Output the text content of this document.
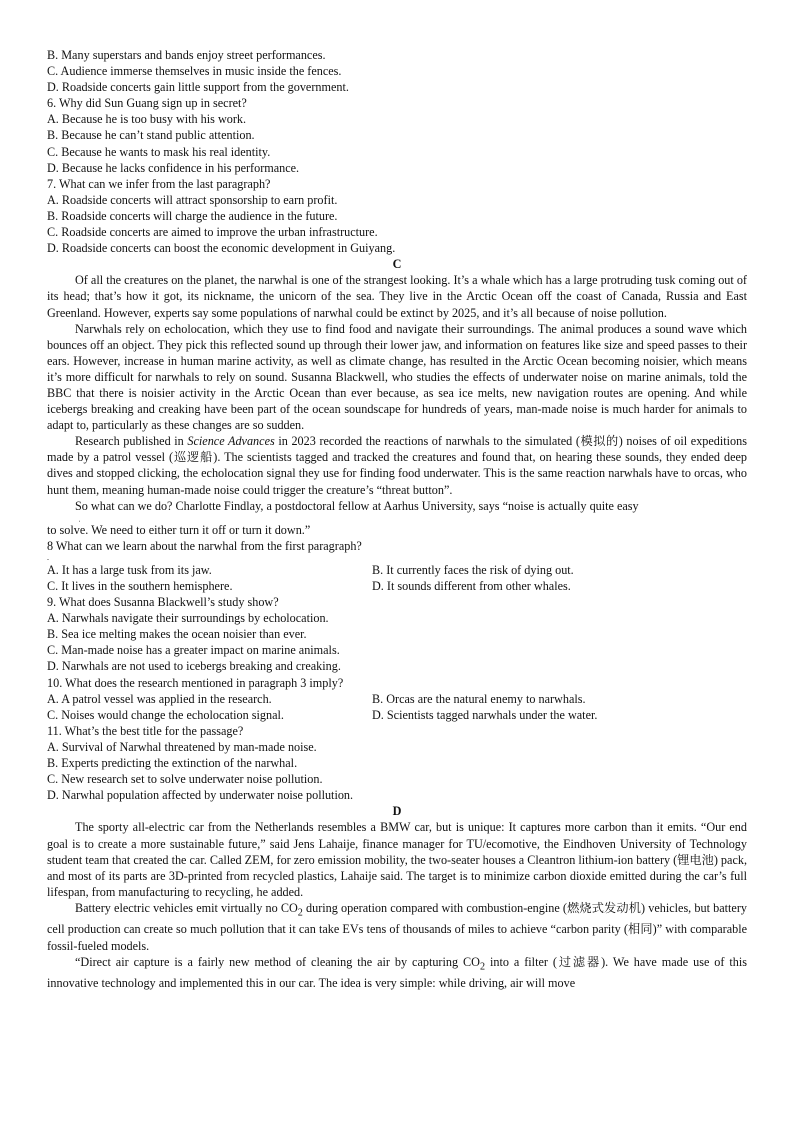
B. Many superstars and bands enjoy street performances.
C. Audience immerse themselves in music inside the fences.
D. Roadside concerts gain little support from the government.
6. Why did Sun Guang sign up in secret?
A. Because he is too busy with his work.
B. Because he can’t stand public attention.
C. Because he wants to mask his real identity.
D. Because he lacks confidence in his performance.
7. What can we infer from the last paragraph?
A. Roadside concerts will attract sponsorship to earn profit.
B. Roadside concerts will charge the audience in the future.
C. Roadside concerts are aimed to improve the urban infrastructure.
D. Roadside concerts can boost the economic development in Guiyang.
C

Of all the creatures on the planet, the narwhal is one of the strangest looking. It’s a whale which has a large protruding tusk coming out of its head; that’s how it got, its nickname, the unicorn of the sea. They live in the Arctic Ocean off the coast of Canada, Russia and East Greenland. However, experts say some populations of narwhal could be extinct by 2025, and it’s all because of noise pollution.

Narwhals rely on echolocation, which they use to find food and navigate their surroundings. The animal produces a sound wave which bounces off an object. They pick this reflected sound up through their lower jaw, and information on features like size and speed passes to their ears. However, increase in human marine activity, as well as climate change, has resulted in the Arctic Ocean becoming noisier, which means it’s more difficult for narwhals to rely on sound. Susanna Blackwell, who studies the effects of underwater noise on marine animals, told the BBC that there is noisier activity in the Arctic Ocean than ever because, as sea ice melts, new navigation routes are opening. And while icebergs breaking and creaking have been part of the ocean soundscape for hundreds of years, man-made noise is much harder for animals to adapt to, particularly as these changes are so sudden.

Research published in Science Advances in 2023 recorded the reactions of narwhals to the simulated (模拟的) noises of oil expeditions made by a patrol vessel (巡逻船). The scientists tagged and tracked the creatures and found that, on hearing these sounds, they ended deep dives and stopped clicking, the echolocation signal they use for finding food underwater. This is the same reaction narwhals have to orcas, who hunt them, meaning human-made noise could trigger the creature’s “threat button”.

So what can we do? Charlotte Findlay, a postdoctoral fellow at Aarhus University, says “noise is actually quite easy

ˌ
to solve. We need to either turn it off or turn it down.”
8 What can we learn about the narwhal from the first paragraph?
.
A. It has a large tusk from its jaw.	B. It currently faces the risk of dying out.
C. It lives in the southern hemisphere.	D. It sounds different from other whales.
9. What does Susanna Blackwell’s study show?
A. Narwhals navigate their surroundings by echolocation.
B. Sea ice melting makes the ocean noisier than ever.
C. Man-made noise has a greater impact on marine animals.
D. Narwhals are not used to icebergs breaking and creaking.
10. What does the research mentioned in paragraph 3 imply?
A. A patrol vessel was applied in the research.	B. Orcas are the natural enemy to narwhals.
C. Noises would change the echolocation signal.	D. Scientists tagged narwhals under the water.
11. What’s the best title for the passage?
A. Survival of Narwhal threatened by man-made noise.
B. Experts predicting the extinction of the narwhal.
C. New research set to solve underwater noise pollution.
D. Narwhal population affected by underwater noise pollution.
D

The sporty all-electric car from the Netherlands resembles a BMW car, but is unique: It captures more carbon than it emits. “Our end goal is to create a more sustainable future,” said Jens Lahaije, finance manager for TU/ecomotive, the Eindhoven University of Technology student team that created the car. Called ZEM, for zero emission mobility, the two-seater houses a Cleantron lithium-ion battery (锂电池) pack, and most of its parts are 3D-printed from recycled plastics, Lahaije said. The target is to minimize carbon dioxide emitted during the car’s full lifespan, from manufacturing to recycling, he added.

Battery electric vehicles emit virtually no $CO_2$ during operation compared with combustion-engine (燃烧式发动机) vehicles, but battery cell production can create so much pollution that it can take EVs tens of thousands of miles to achieve “carbon parity (相同)” with comparable fossil-fueled models.

“Direct air capture is a fairly new method of cleaning the air by capturing $CO_2$ into a filter (过滤器). We have made use of this innovative technology and implemented this in our car. The idea is very simple: while driving, air will move
